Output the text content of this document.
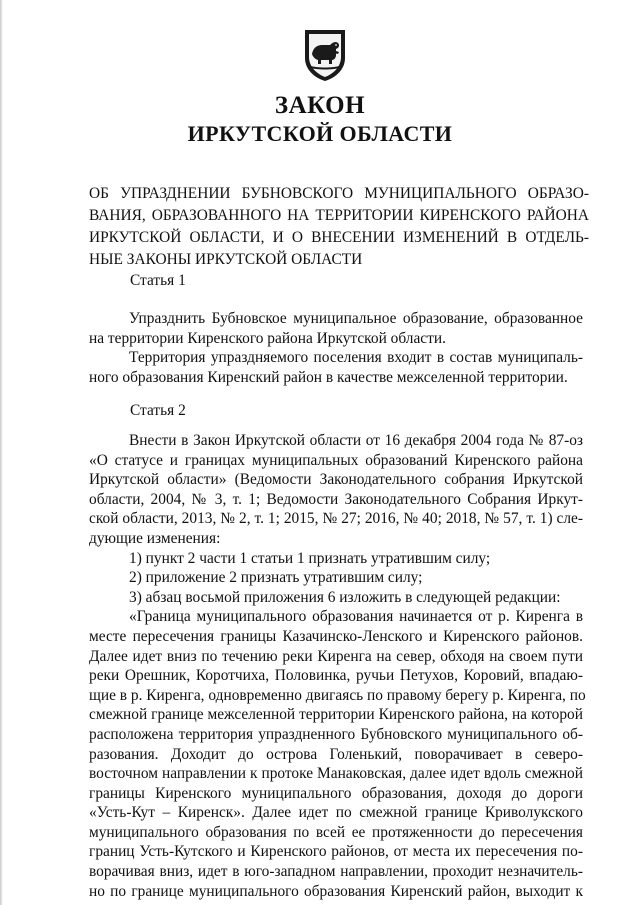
ЗАКОН
ИРКУТСКОЙ ОБЛАСТИ
ОБ УПРАЗДНЕНИИ БУБНОВСКОГО МУНИЦИПАЛЬНОГО ОБРАЗО-
ВАНИЯ, ОБРАЗОВАННОГО НА ТЕРРИТОРИИ КИРЕНСКОГО РАЙОНА
ИРКУТСКОЙ ОБЛАСТИ, И О ВНЕСЕНИИ ИЗМЕНЕНИЙ В ОТДЕЛЬ-
НЫЕ ЗАКОНЫ ИРКУТСКОЙ ОБЛАСТИ
Статья 1
Упразднить Бубновское муниципальное образование, образованное
на территории Киренского района Иркутской области.
Территория упраздняемого поселения входит в состав муниципаль-
ного образования Киренский район в качестве межселенной территории.
Статья 2
Внести в Закон Иркутской области от 16 декабря 2004 года № 87-оз
«О статусе и границах муниципальных образований Киренского района
Иркутской области» (Ведомости Законодательного собрания Иркутской
области, 2004, № 3, т. 1; Ведомости Законодательного Собрания Иркут-
ской области, 2013, № 2, т. 1; 2015, № 27; 2016, № 40; 2018, № 57, т. 1) сле-
дующие изменения:
1) пункт 2 части 1 статьи 1 признать утратившим силу;
2) приложение 2 признать утратившим силу;
3) абзац восьмой приложения 6 изложить в следующей редакции:
«Граница муниципального образования начинается от р. Киренга в
месте пересечения границы Казачинско-Ленского и Киренского районов.
Далее идет вниз по течению реки Киренга на север, обходя на своем пути
реки Орешник, Коротчиха, Половинка, ручьи Петухов, Коровий, впадаю-
щие в р. Киренга, одновременно двигаясь по правому берегу р. Киренга, по
смежной границе межселенной территории Киренского района, на которой
расположена территория упраздненного Бубновского муниципального об-
разования. Доходит до острова Голенький, поворачивает в северо-
восточном направлении к протоке Манаковская, далее идет вдоль смежной
границы Киренского муниципального образования, доходя до дороги
«Усть-Кут – Киренск». Далее идет по смежной границе Криволукского
муниципального образования по всей ее протяженности до пересечения
границ Усть-Кутского и Киренского районов, от места их пересечения по-
ворачивая вниз, идет в юго-западном направлении, проходит незначитель-
но по границе муниципального образования Киренский район, выходит к
